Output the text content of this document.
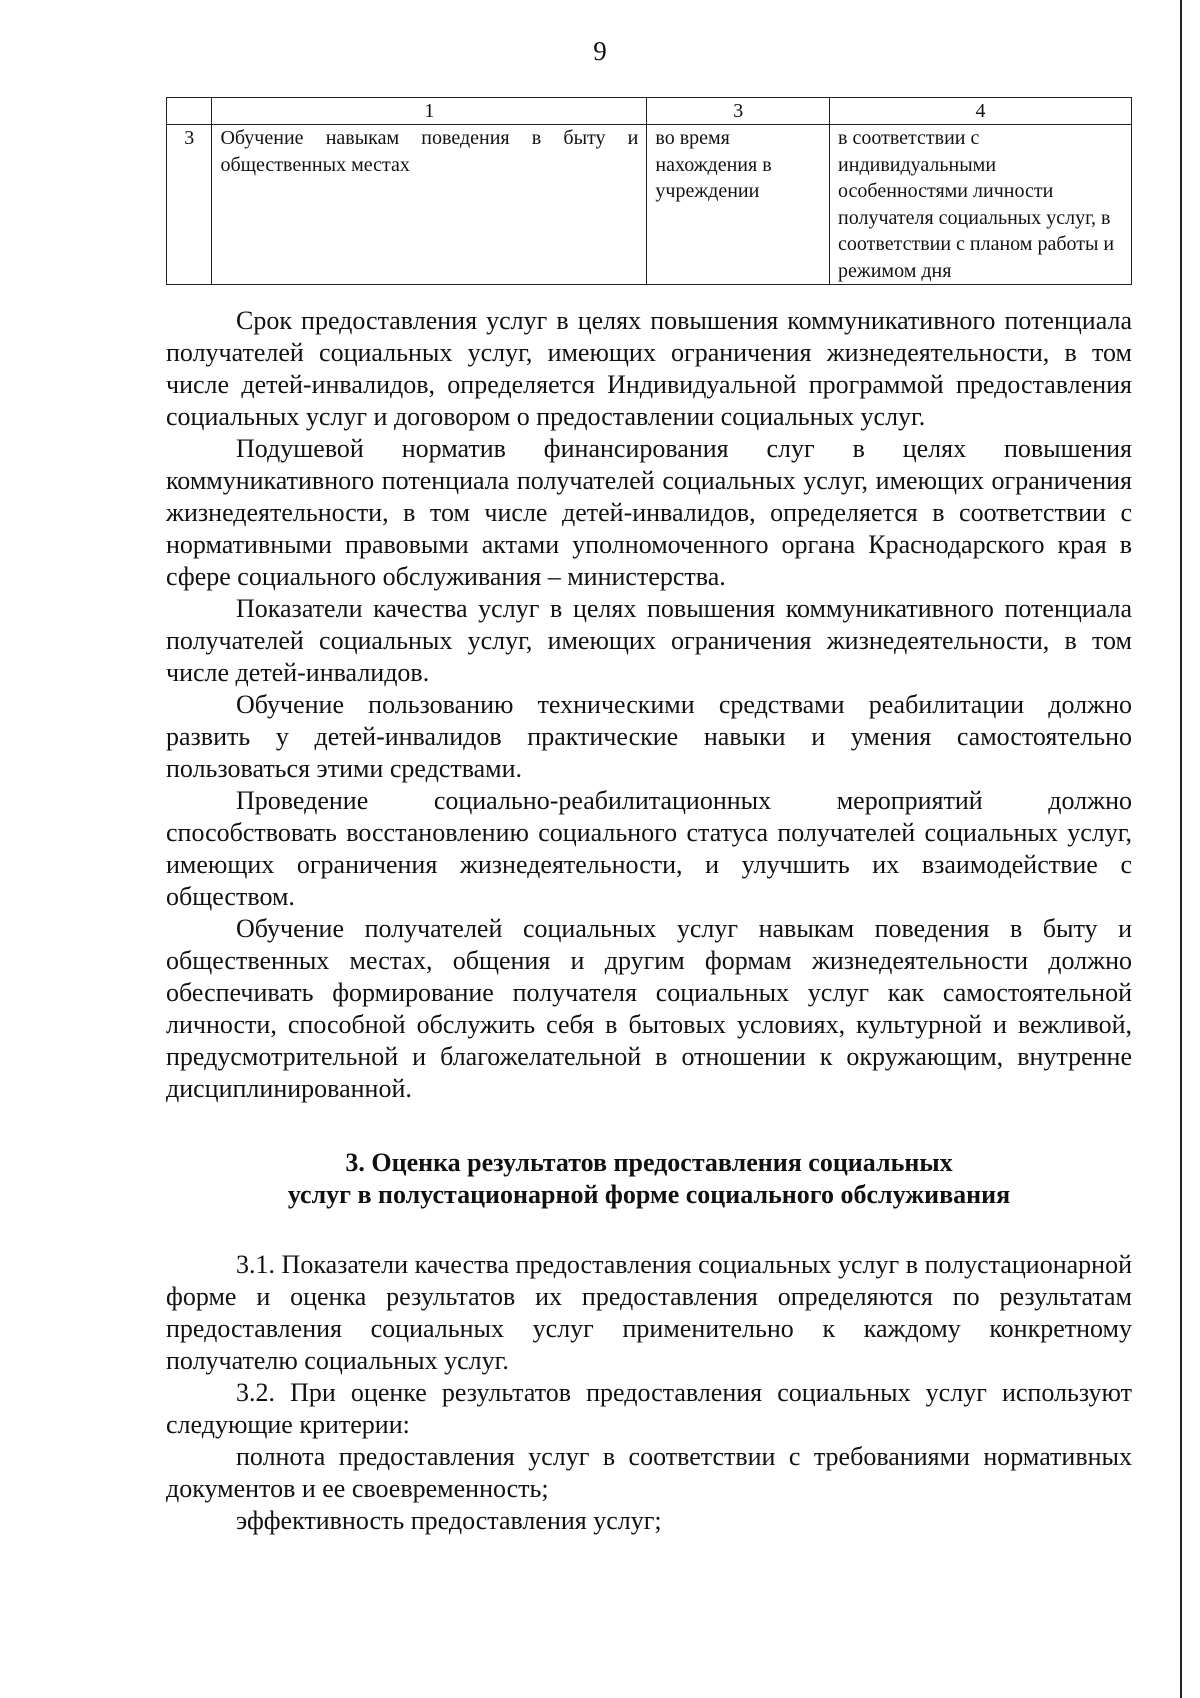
9
	1	3	4
3	Обучение навыкам поведения в быту и общественных местах	во время нахождения в учреждении	в соответствии с индивидуальными особенностями личности получателя социальных услуг, в соответствии с планом работы и режимом дня

Срок предоставления услуг в целях повышения коммуникативного потенциала получателей социальных услуг, имеющих ограничения жизнедеятельности, в том числе детей-инвалидов, определяется Индивидуальной программой предоставления социальных услуг и договором о предоставлении социальных услуг.

Подушевой норматив финансирования слуг в целях повышения коммуникативного потенциала получателей социальных услуг, имеющих ограничения жизнедеятельности, в том числе детей-инвалидов, определяется в соответствии с нормативными правовыми актами уполномоченного органа Краснодарского края в сфере социального обслуживания – министерства.

Показатели качества услуг в целях повышения коммуникативного потенциала получателей социальных услуг, имеющих ограничения жизнедеятельности, в том числе детей-инвалидов.

Обучение пользованию техническими средствами реабилитации должно развить у детей-инвалидов практические навыки и умения самостоятельно пользоваться этими средствами.

Проведение социально-реабилитационных мероприятий должно способствовать восстановлению социального статуса получателей социальных услуг, имеющих ограничения жизнедеятельности, и улучшить их взаимодействие с обществом.

Обучение получателей социальных услуг навыкам поведения в быту и общественных местах, общения и другим формам жизнедеятельности должно обеспечивать формирование получателя социальных услуг как самостоятельной личности, способной обслужить себя в бытовых условиях, культурной и вежливой, предусмотрительной и благожелательной в отношении к окружающим, внутренне дисциплинированной.

3. Оценка результатов предоставления социальных
услуг в полустационарной форме социального обслуживания

3.1. Показатели качества предоставления социальных услуг в полустационарной форме и оценка результатов их предоставления определяются по результатам предоставления социальных услуг применительно к каждому конкретному получателю социальных услуг.

3.2. При оценке результатов предоставления социальных услуг используют следующие критерии:

полнота предоставления услуг в соответствии с требованиями нормативных документов и ее своевременность;

эффективность предоставления услуг;
